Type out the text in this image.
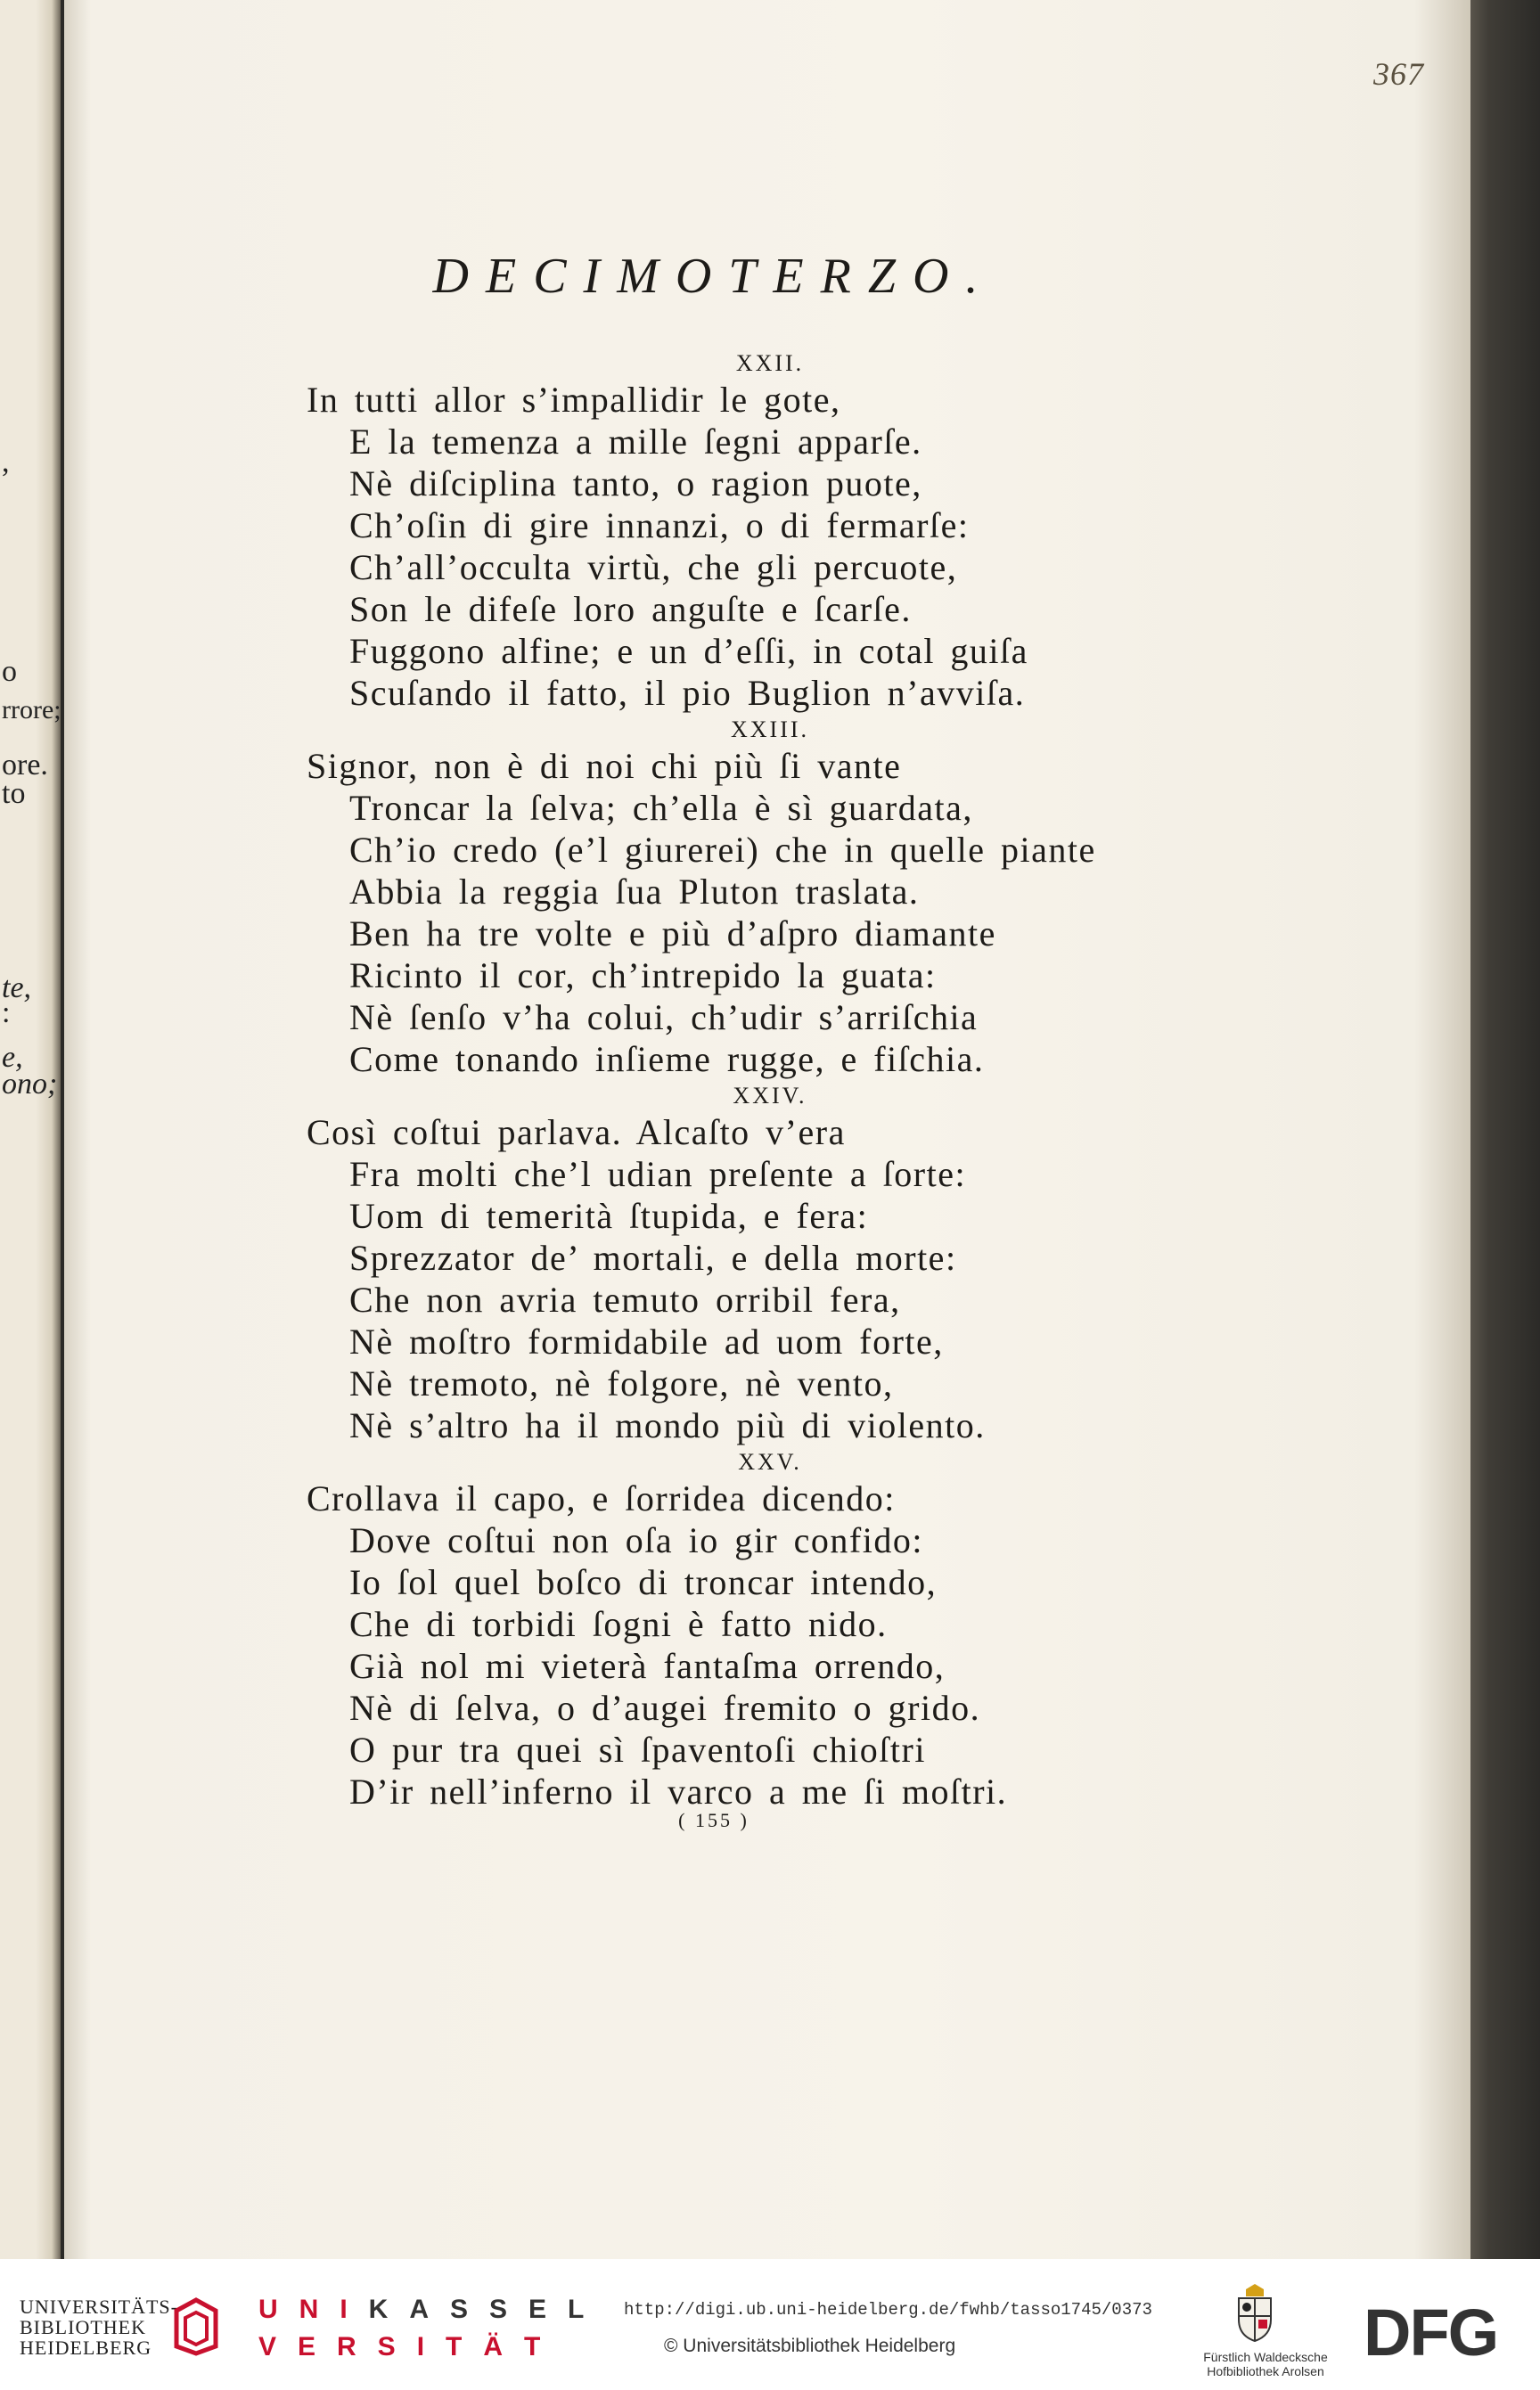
,
o
rrore;
ore.
to
te,
:
e,
ono;
367
DECIMOTERZO.
XXII.
In tutti allor s’impallidir le gote,
E la temenza a mille ſegni apparſe.
Nè diſciplina tanto, o ragion puote,
Ch’oſin di gire innanzi, o di fermarſe:
Ch’all’occulta virtù, che gli percuote,
Son le difeſe loro anguſte e ſcarſe.
Fuggono alfine; e un d’eſſi, in cotal guiſa
Scuſando il fatto, il pio Buglion n’avviſa.
XXIII.
Signor, non è di noi chi più ſi vante
Troncar la ſelva; ch’ella è sì guardata,
Ch’io credo (e’l giurerei) che in quelle piante
Abbia la reggia ſua Pluton traslata.
Ben ha tre volte e più d’aſpro diamante
Ricinto il cor, ch’intrepido la guata:
Nè ſenſo v’ha colui, ch’udir s’arriſchia
Come tonando inſieme rugge, e fiſchia.
XXIV.
Così coſtui parlava. Alcaſto v’era
Fra molti che’l udian preſente a ſorte:
Uom di temerità ſtupida, e fera:
Sprezzator de’ mortali, e della morte:
Che non avria temuto orribil fera,
Nè moſtro formidabile ad uom forte,
Nè tremoto, nè folgore, nè vento,
Nè s’altro ha il mondo più di violento.
XXV.
Crollava il capo, e ſorridea dicendo:
Dove coſtui non oſa io gir confido:
Io ſol quel boſco di troncar intendo,
Che di torbidi ſogni è fatto nido.
Già nol mi vieterà fantaſma orrendo,
Nè di ſelva, o d’augei fremito o grido.
O pur tra quei sì ſpaventoſi chioſtri
D’ir nell’inferno il varco a me ſi moſtri.
( 155 )
UNIVERSITÄTS-
BIBLIOTHEK
HEIDELBERG
UNIKASSEL
VERSITÄT
http://digi.ub.uni-heidelberg.de/fwhb/tasso1745/0373
© Universitätsbibliothek Heidelberg
Fürstlich Waldecksche
Hofbibliothek Arolsen
DFG
